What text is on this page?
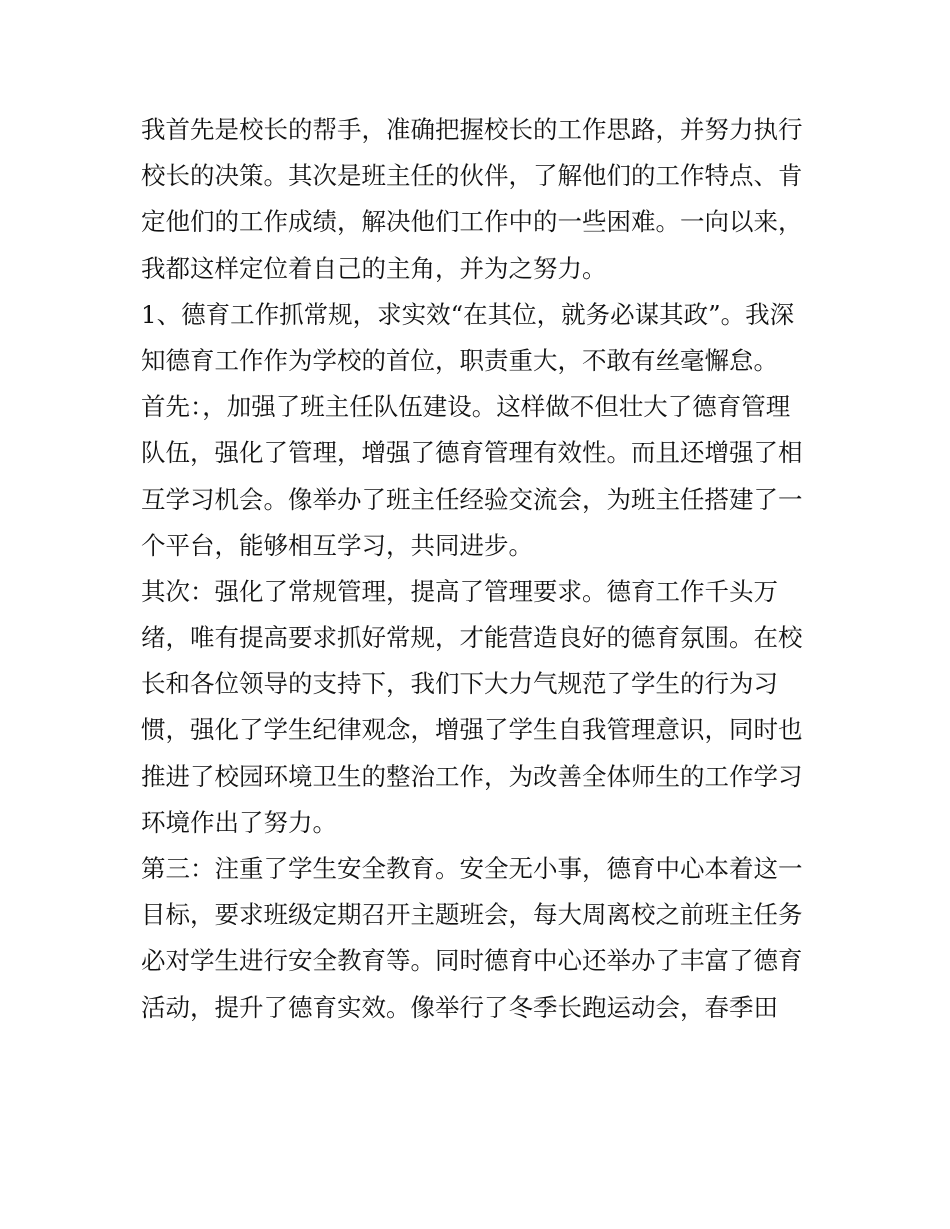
我首先是校长的帮手，准确把握校长的工作思路，并努力执行
校长的决策。其次是班主任的伙伴，了解他们的工作特点、肯
定他们的工作成绩，解决他们工作中的一些困难。一向以来，
我都这样定位着自己的主角，并为之努力。
1、德育工作抓常规，求实效“在其位，就务必谋其政”。我深
知德育工作作为学校的首位，职责重大，不敢有丝毫懈怠。
首先：，加强了班主任队伍建设。这样做不但壮大了德育管理
队伍，强化了管理，增强了德育管理有效性。而且还增强了相
互学习机会。像举办了班主任经验交流会，为班主任搭建了一
个平台，能够相互学习，共同进步。
其次：强化了常规管理，提高了管理要求。德育工作千头万
绪，唯有提高要求抓好常规，才能营造良好的德育氛围。在校
长和各位领导的支持下，我们下大力气规范了学生的行为习
惯，强化了学生纪律观念，增强了学生自我管理意识，同时也
推进了校园环境卫生的整治工作，为改善全体师生的工作学习
环境作出了努力。
第三：注重了学生安全教育。安全无小事，德育中心本着这一
目标，要求班级定期召开主题班会，每大周离校之前班主任务
必对学生进行安全教育等。同时德育中心还举办了丰富了德育
活动，提升了德育实效。像举行了冬季长跑运动会，春季田
